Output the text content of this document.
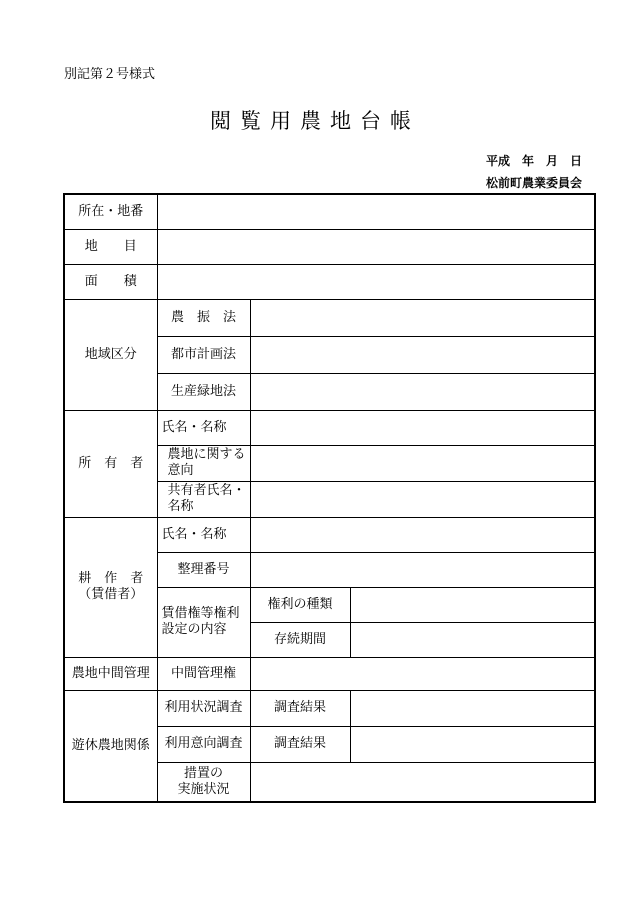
別記第２号様式
閲覧用農地台帳
平成　年　月　日
松前町農業委員会
所在・地番			
地　　目			
面　　積			
地域区分	農　振　法		
	都市計画法		
	生産緑地法		
所　有　者	氏名・名称		
	農地に関する意向		
	共有者氏名・名称		

耕　作　者
（賃借者）	氏名・名称		
	整理番号		
	賃借権等権利設定の内容	権利の種類	
		存続期間	
農地中間管理	中間管理権		
遊休農地関係	利用状況調査	調査結果	
	利用意向調査	調査結果	

	措置の
実施状況		
